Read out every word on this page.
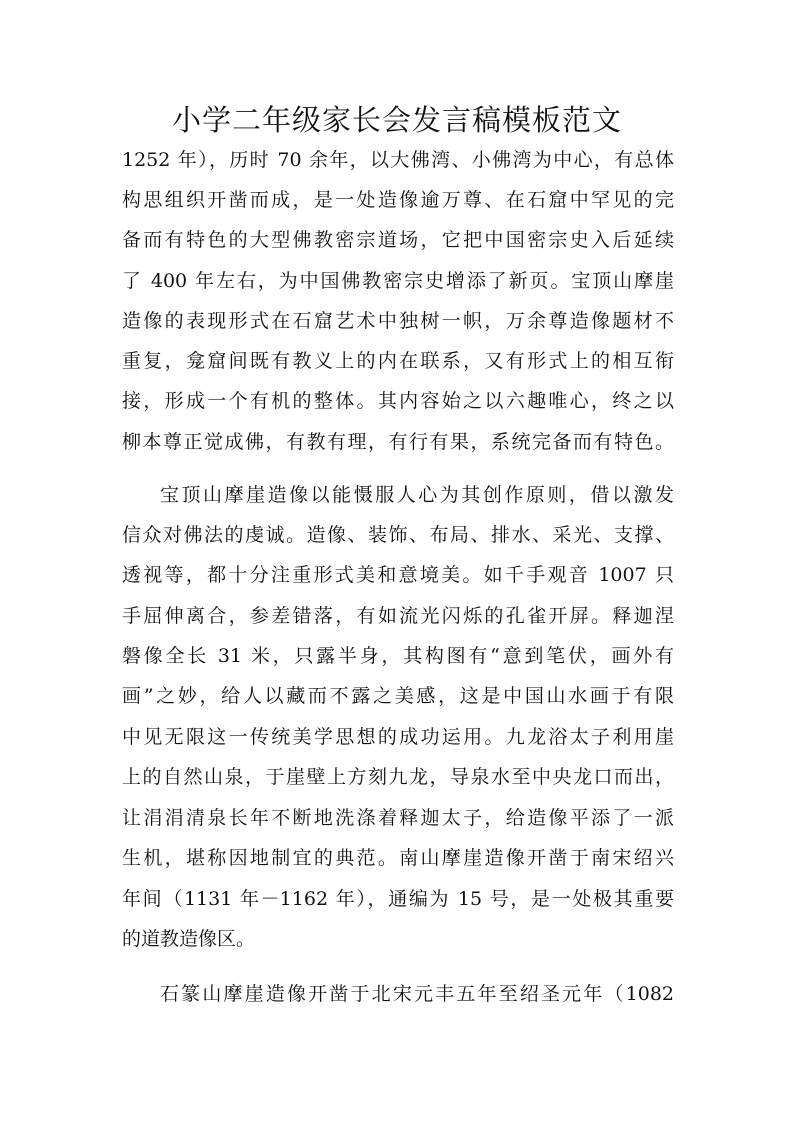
小学二年级家长会发言稿模板范文
1252 年），历时 70 余年，以大佛湾、小佛湾为中心，有总体
构思组织开凿而成，是一处造像逾万尊、在石窟中罕见的完
备而有特色的大型佛教密宗道场，它把中国密宗史入后延续
了 400 年左右，为中国佛教密宗史增添了新页。宝顶山摩崖
造像的表现形式在石窟艺术中独树一帜，万余尊造像题材不
重复，龛窟间既有教义上的内在联系，又有形式上的相互衔
接，形成一个有机的整体。其内容始之以六趣唯心，终之以
柳本尊正觉成佛，有教有理，有行有果，系统完备而有特色。
宝顶山摩崖造像以能慑服人心为其创作原则，借以激发
信众对佛法的虔诚。造像、装饰、布局、排水、采光、支撑、
透视等，都十分注重形式美和意境美。如千手观音 1007 只
手屈伸离合，参差错落，有如流光闪烁的孔雀开屏。释迦涅
磐像全长 31 米，只露半身，其构图有“意到笔伏，画外有
画”之妙，给人以藏而不露之美感，这是中国山水画于有限
中见无限这一传统美学思想的成功运用。九龙浴太子利用崖
上的自然山泉，于崖壁上方刻九龙，导泉水至中央龙口而出，
让涓涓清泉长年不断地洗涤着释迦太子，给造像平添了一派
生机，堪称因地制宜的典范。南山摩崖造像开凿于南宋绍兴
年间（1131 年－1162 年），通编为 15 号，是一处极其重要
的道教造像区。
石篆山摩崖造像开凿于北宋元丰五年至绍圣元年（1082
